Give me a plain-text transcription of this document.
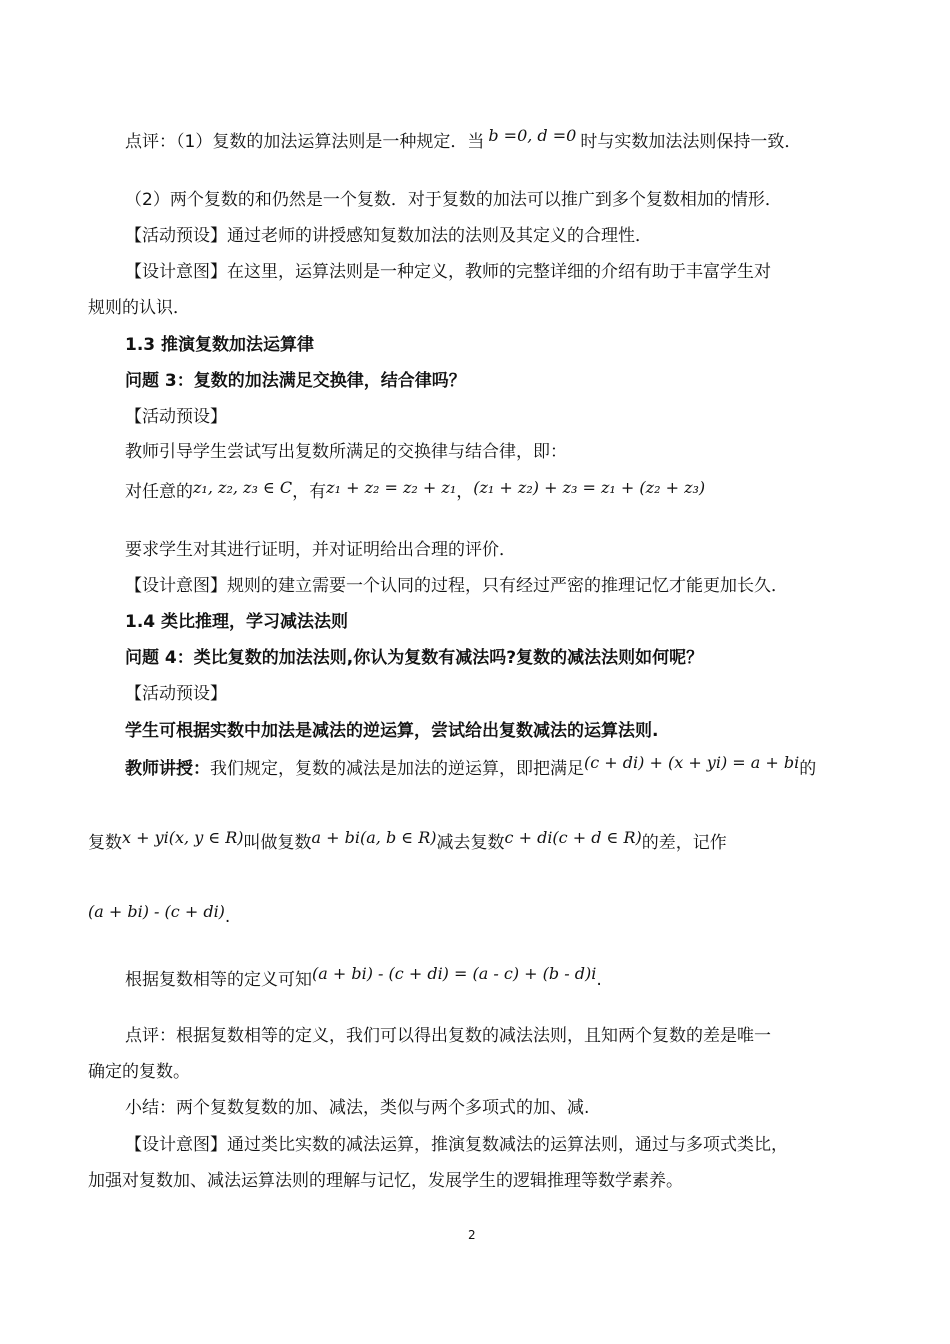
点评：（1）复数的加法运算法则是一种规定．当 b =0, d =0 时与实数加法法则保持一致．
（2）两个复数的和仍然是一个复数．对于复数的加法可以推广到多个复数相加的情形．
【活动预设】通过老师的讲授感知复数加法的法则及其定义的合理性．
【设计意图】在这里，运算法则是一种定义，教师的完整详细的介绍有助于丰富学生对
规则的认识．
1.3 推演复数加法运算律
问题 3：复数的加法满足交换律，结合律吗？
【活动预设】
教师引导学生尝试写出复数所满足的交换律与结合律，即：
对任意的z₁, z₂, z₃ ∈ C，有z₁ + z₂ = z₂ + z₁，(z₁ + z₂) + z₃ = z₁ + (z₂ + z₃)
要求学生对其进行证明，并对证明给出合理的评价．
【设计意图】规则的建立需要一个认同的过程，只有经过严密的推理记忆才能更加长久．
1.4 类比推理，学习减法法则
问题 4：类比复数的加法法则,你认为复数有减法吗?复数的减法法则如何呢？
【活动预设】
学生可根据实数中加法是减法的逆运算，尝试给出复数减法的运算法则.
教师讲授：我们规定，复数的减法是加法的逆运算，即把满足(c + di) + (x + yi) = a + bi的
复数x + yi(x, y ∈ R)叫做复数a + bi(a, b ∈ R)减去复数c + di(c + d ∈ R)的差，记作
(a + bi) - (c + di).
根据复数相等的定义可知(a + bi) - (c + di) = (a - c) + (b - d)i.
点评：根据复数相等的定义，我们可以得出复数的减法法则，且知两个复数的差是唯一
确定的复数。
小结：两个复数复数的加、减法，类似与两个多项式的加、减.
【设计意图】通过类比实数的减法运算，推演复数减法的运算法则，通过与多项式类比，
加强对复数加、减法运算法则的理解与记忆，发展学生的逻辑推理等数学素养。
2
